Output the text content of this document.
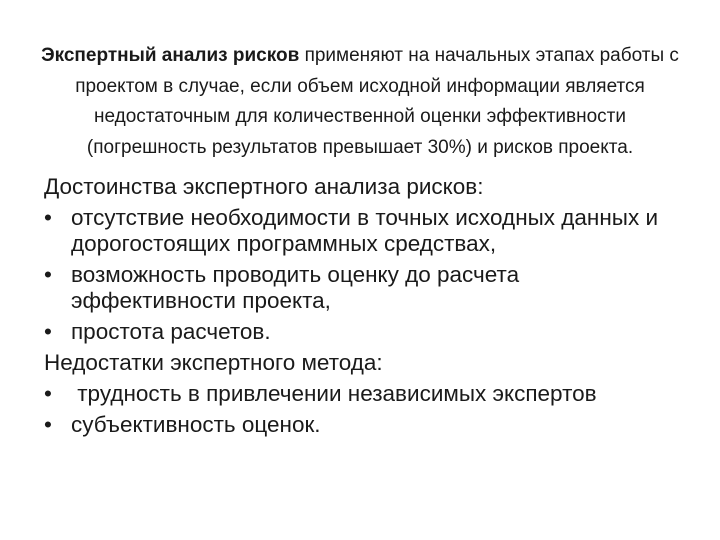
Экспертный анализ рисков применяют на начальных этапах работы с проектом в случае, если объем исходной информации является недостаточным для количественной оценки эффективности (погрешность результатов превышает 30%) и рисков проекта.

Достоинства экспертного анализа рисков:
• отсутствие необходимости в точных исходных данных и дорогостоящих программных средствах,
• возможность проводить оценку до расчета эффективности проекта,
• простота расчетов.
Недостатки экспертного метода:
• трудность в привлечении независимых экспертов
• субъективность оценок.
